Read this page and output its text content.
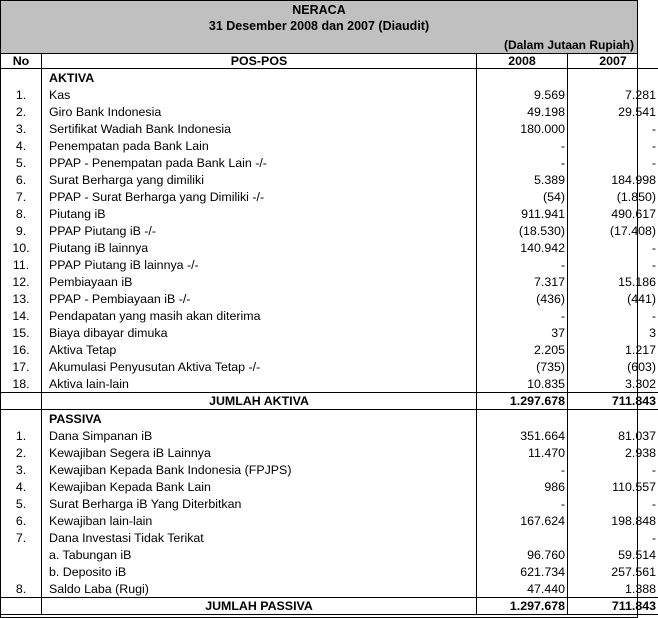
NERACA
31 Desember 2008 dan 2007 (Diaudit)
(Dalam Jutaan Rupiah)
No	POS-POS	2008	2007
	AKTIVA		
1.	Kas	9.569	7.281
2.	Giro Bank Indonesia	49.198	29.541
3.	Sertifikat Wadiah Bank Indonesia	180.000	-
4.	Penempatan pada Bank Lain	-	-
5.	PPAP - Penempatan pada Bank Lain -/-	-	-
6.	Surat Berharga yang dimiliki	5.389	184.998
7.	PPAP - Surat Berharga yang Dimiliki -/-	(54)	(1.850)
8.	Piutang iB	911.941	490.617
9.	PPAP Piutang iB -/-	(18.530)	(17.408)
10.	Piutang iB lainnya	140.942	-
11.	PPAP Piutang iB lainnya -/-	-	-
12.	Pembiayaan iB	7.317	15.186
13.	PPAP - Pembiayaan iB -/-	(436)	(441)
14.	Pendapatan yang masih akan diterima	-	-
15.	Biaya dibayar dimuka	37	3
16.	Aktiva Tetap	2.205	1.217
17.	Akumulasi Penyusutan Aktiva Tetap -/-	(735)	(603)
18.	Aktiva lain-lain	10.835	3.302
	JUMLAH AKTIVA	1.297.678	711.843
	PASSIVA		
1.	Dana Simpanan iB	351.664	81.037
2.	Kewajiban Segera iB Lainnya	11.470	2.938
3.	Kewajiban Kepada Bank Indonesia (FPJPS)	-	-
4.	Kewajiban Kepada Bank Lain	986	110.557
5.	Surat Berharga iB Yang Diterbitkan	-	-
6.	Kewajiban lain-lain	167.624	198.848
7.	Dana Investasi Tidak Terikat		-
	a. Tabungan iB	96.760	59.514
	b. Deposito iB	621.734	257.561
8.	Saldo Laba (Rugi)	47.440	1.388
	JUMLAH PASSIVA	1.297.678	711.843
